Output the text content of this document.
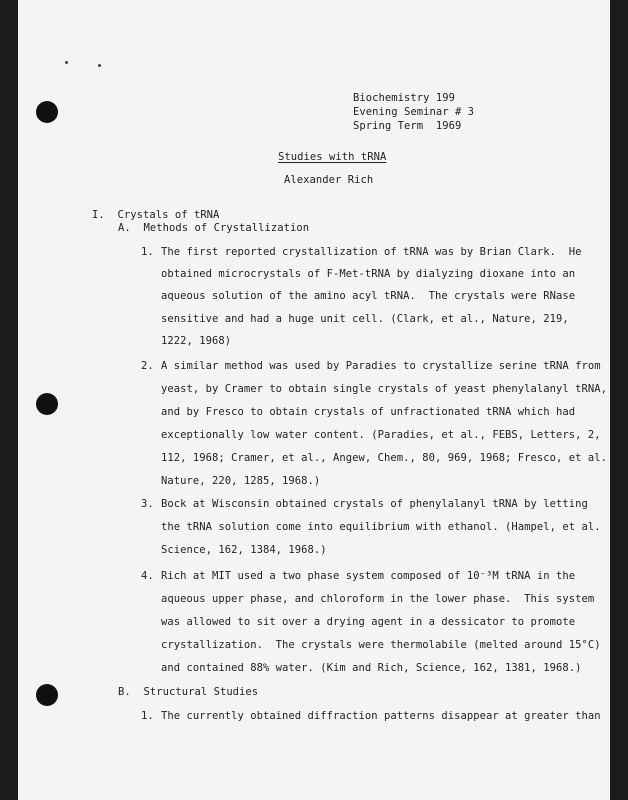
Biochemistry 199
Evening Seminar # 3
Spring Term  1969
Studies with tRNA
Alexander Rich
I.  Crystals of tRNA
A.  Methods of Crystallization
1. The first reported crystallization of tRNA was by Brian Clark.  He
obtained microcrystals of F-Met-tRNA by dialyzing dioxane into an
aqueous solution of the amino acyl tRNA.  The crystals were RNase
sensitive and had a huge unit cell. (Clark, et al., Nature, 219,
1222, 1968)
2. A similar method was used by Paradies to crystallize serine tRNA from
yeast, by Cramer to obtain single crystals of yeast phenylalanyl tRNA,
and by Fresco to obtain crystals of unfractionated tRNA which had
exceptionally low water content. (Paradies, et al., FEBS, Letters, 2,
112, 1968; Cramer, et al., Angew, Chem., 80, 969, 1968; Fresco, et al.
Nature, 220, 1285, 1968.)
3. Bock at Wisconsin obtained crystals of phenylalanyl tRNA by letting
the tRNA solution come into equilibrium with ethanol. (Hampel, et al.
Science, 162, 1384, 1968.)
4. Rich at MIT used a two phase system composed of 10⁻³M tRNA in the
aqueous upper phase, and chloroform in the lower phase.  This system
was allowed to sit over a drying agent in a dessicator to promote
crystallization.  The crystals were thermolabile (melted around 15°C)
and contained 88% water. (Kim and Rich, Science, 162, 1381, 1968.)
B.  Structural Studies
1. The currently obtained diffraction patterns disappear at greater than
